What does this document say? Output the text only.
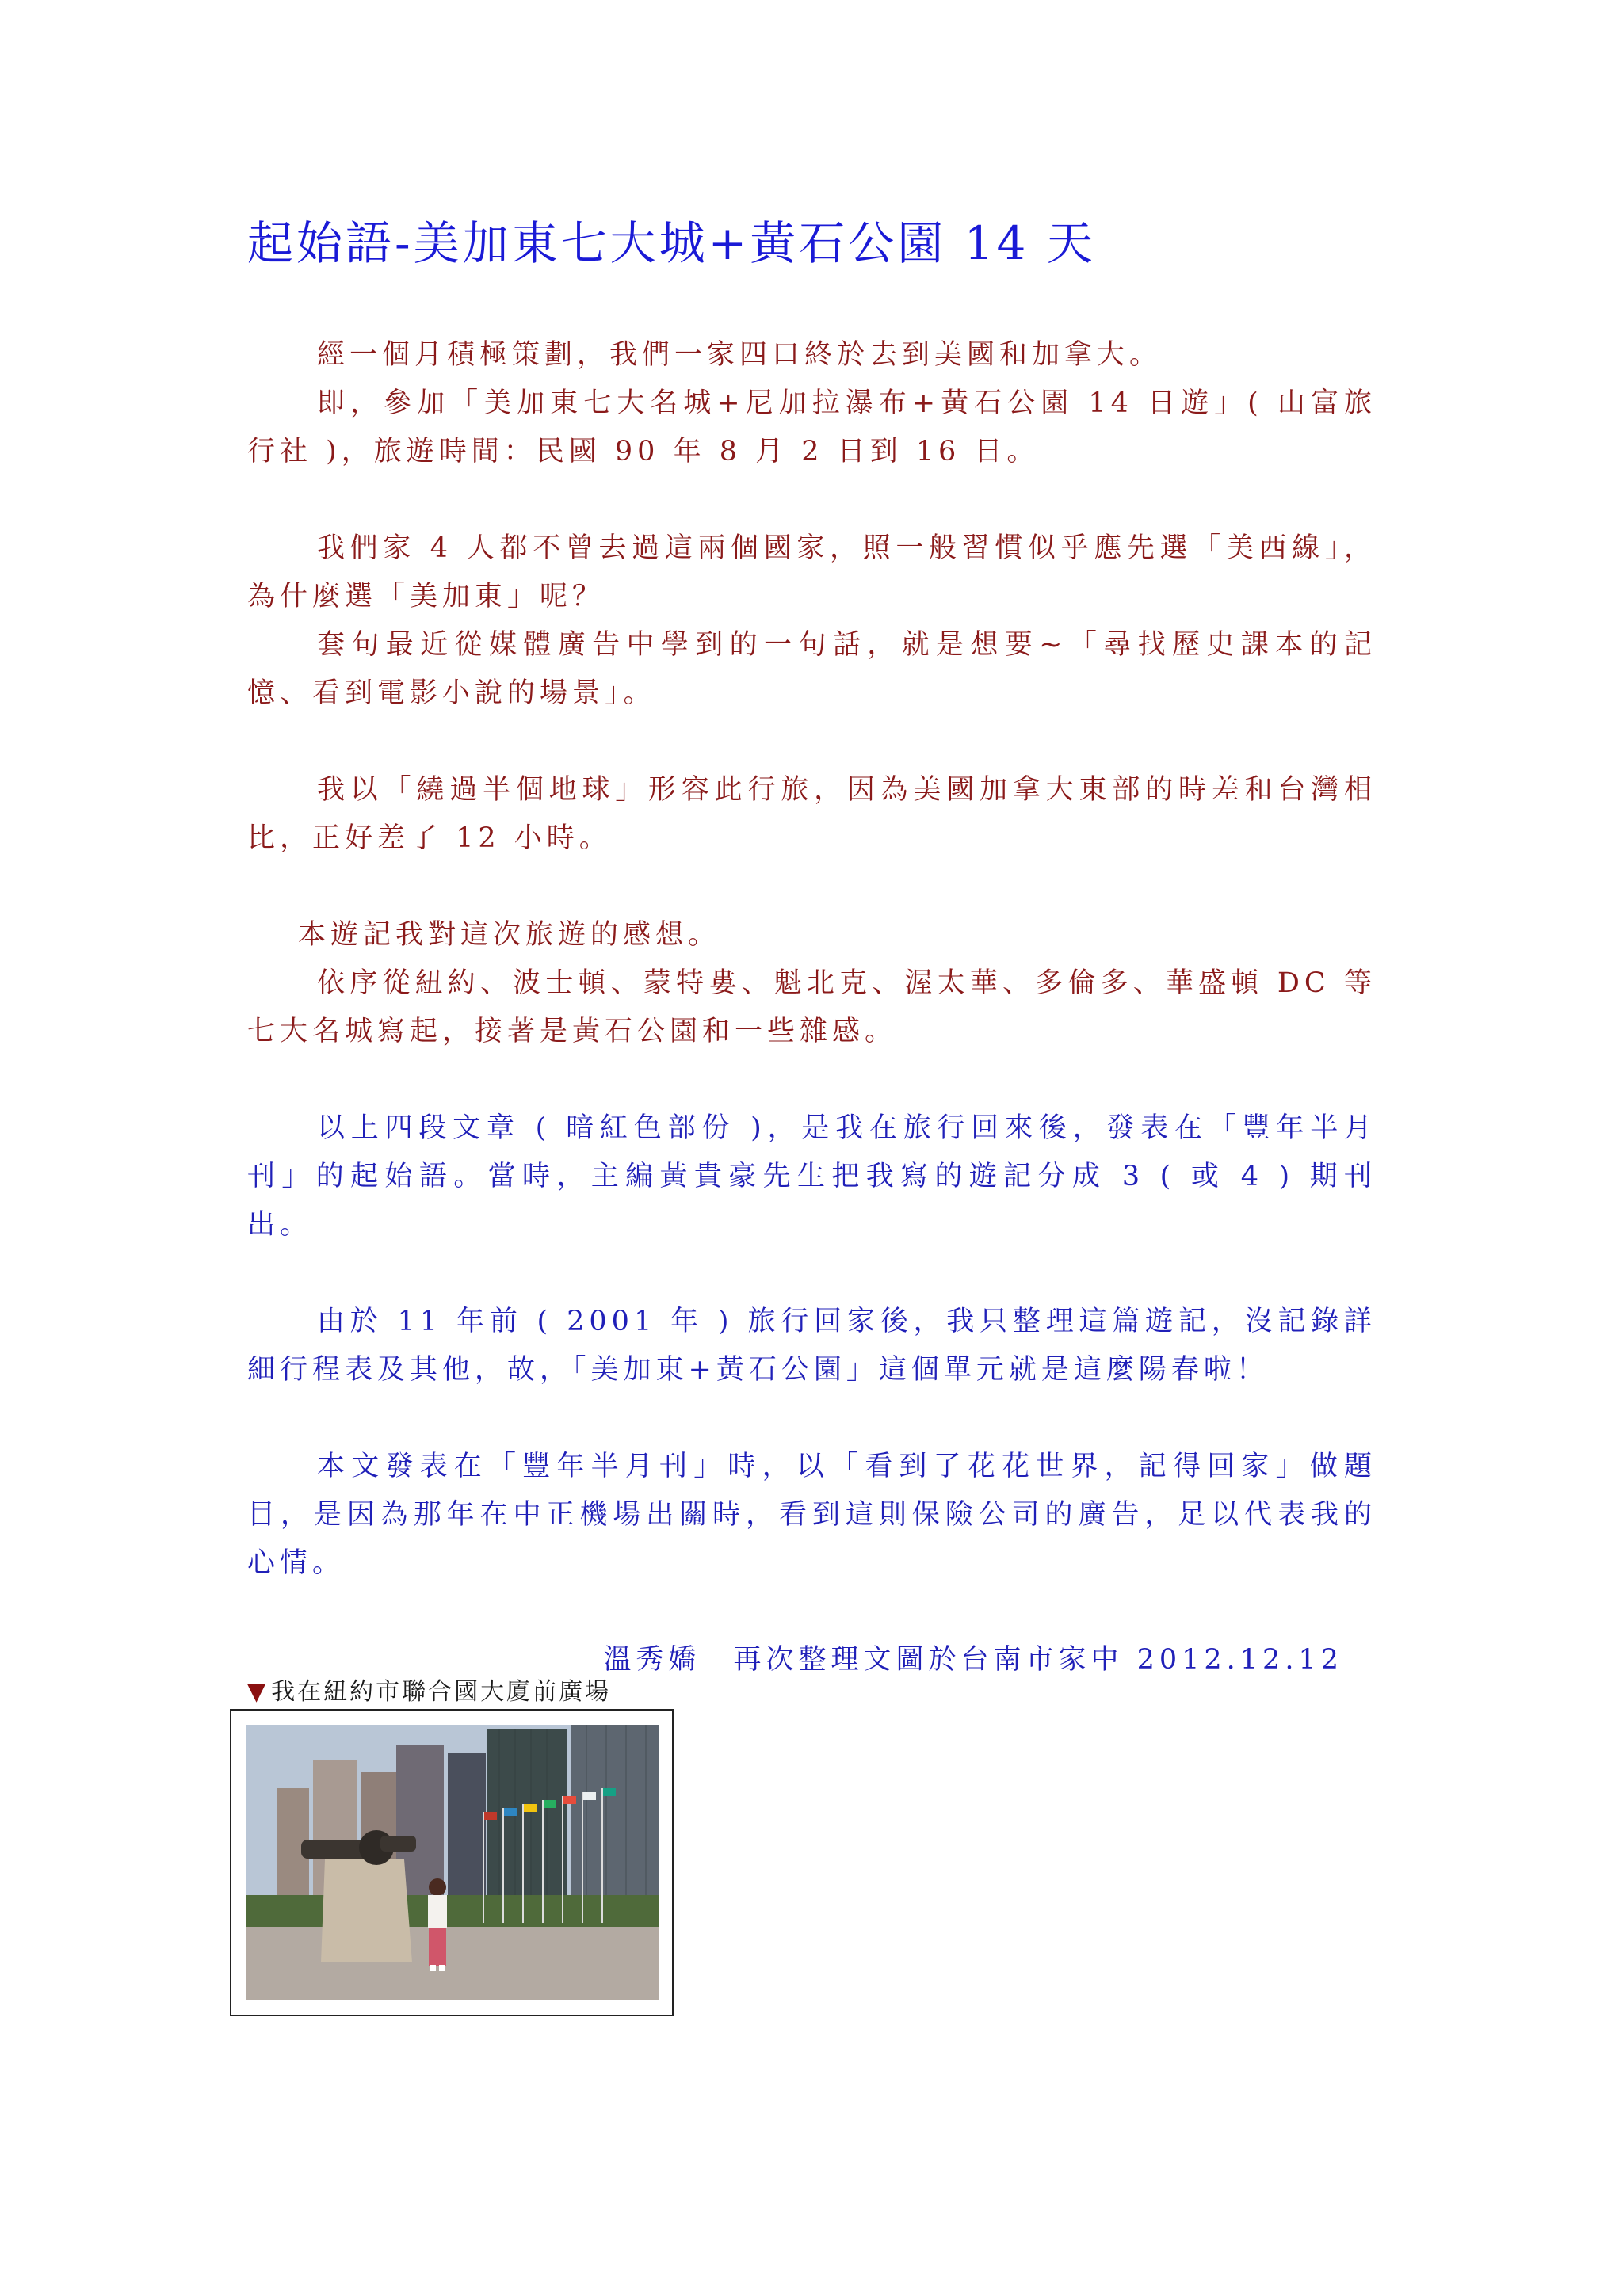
起始語-美加東七大城+黃石公園 14 天

經一個月積極策劃，我們一家四口終於去到美國和加拿大。

即，參加「美加東七大名城+尼加拉瀑布+黃石公園 14 日遊」( 山富旅行社 )，旅遊時間：民國 90 年 8 月 2 日到 16 日。

我們家 4 人都不曾去過這兩個國家，照一般習慣似乎應先選「美西線」，為什麼選「美加東」呢？

套句最近從媒體廣告中學到的一句話，就是想要~「尋找歷史課本的記憶、看到電影小說的場景」。

我以「繞過半個地球」形容此行旅，因為美國加拿大東部的時差和台灣相比，正好差了 12 小時。

本遊記我對這次旅遊的感想。

依序從紐約、波士頓、蒙特婁、魁北克、渥太華、多倫多、華盛頓 DC 等七大名城寫起，接著是黃石公園和一些雜感。

以上四段文章 ( 暗紅色部份 )，是我在旅行回來後，發表在「豐年半月刊」的起始語。當時，主編黃貴豪先生把我寫的遊記分成 3 ( 或 4 ) 期刊出。

由於 11 年前 ( 2001 年 ) 旅行回家後，我只整理這篇遊記，沒記錄詳細行程表及其他，故，「美加東+黃石公園」這個單元就是這麼陽春啦！

本文發表在「豐年半月刊」時，以「看到了花花世界，記得回家」做題目，是因為那年在中正機場出關時，看到這則保險公司的廣告，足以代表我的心情。

溫秀嬌　再次整理文圖於台南市家中 2012.12.12

▼ 我在紐約市聯合國大廈前廣場
